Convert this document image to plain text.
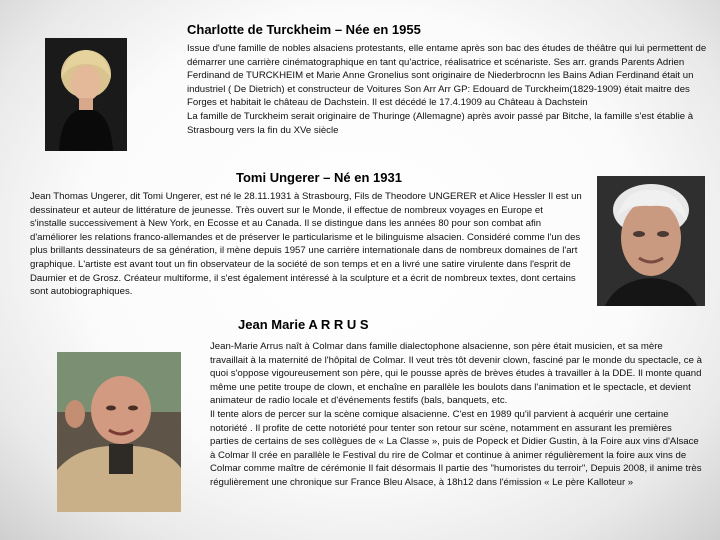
Charlotte de Turckheim – Née en 1955

Issue d'une famille de nobles alsaciens protestants, elle entame après son bac des études de théâtre qui lui permettent de démarrer une carrière cinématographique en tant qu'actrice, réalisatrice et scénariste. Ses arr. grands Parents Adrien Ferdinand de TURCKHEIM et Marie Anne Gronelius sont originaire de Niederbrocnn les Bains Adian Ferdinand était un industriel ( De Dietrich) et constructeur de Voitures Son Arr Arr GP: Edouard de Turckheim(1829-1909) était maitre des Forges et habitait le château de Dachstein. Il est décédé le 17.4.1909 au Château à Dachstein

La famille de Turckheim serait originaire de Thuringe (Allemagne) après avoir passé par Bitche, la famille s'est établie à Strasbourg vers la fin du XVe siècle

Tomi Ungerer – Né en 1931

Jean Thomas Ungerer, dit Tomi Ungerer, est né le 28.11.1931 à Strasbourg, Fils de Theodore UNGERER et Alice Hessler Il est un dessinateur et auteur de littérature de jeunesse. Très ouvert sur le Monde, il effectue de nombreux voyages en Europe et s'installe successivement à New York, en Ecosse et au Canada. Il se distingue dans les années 80 pour son combat afin d'améliorer les relations franco-allemandes et de préserver le particularisme et le bilinguisme alsacien. Considéré comme l'un des plus brillants dessinateurs de sa génération, il mène depuis 1957 une carrière internationale dans de nombreux domaines de l'art graphique. L'artiste est avant tout un fin observateur de la société de son temps et en a livré une satire virulente dans l'esprit de Daumier et de Grosz. Créateur multiforme, il s'est également intéressé à la sculpture et a écrit de nombreux textes, dont certains sont autobiographiques.

Jean Marie A R R U S

Jean-Marie Arrus naît à Colmar dans famille dialectophone alsacienne, son père était musicien, et sa mère travaillait à la maternité de l'hôpital de Colmar. Il veut très tôt devenir clown, fasciné par le monde du spectacle, ce à quoi s'oppose vigoureusement son père, qui le pousse après de brèves études à travailler à la DDE. Il monte quand même une petite troupe de clown, et enchaîne en parallèle les boulots dans l'animation et le spectacle, et devient animateur de radio locale et d'événements festifs (bals, banquets, etc.

Il tente alors de percer sur la scène comique alsacienne. C'est en 1989 qu'il parvient à acquérir une certaine notoriété . Il profite de cette notoriété pour tenter son retour sur scène, notamment en assurant les premières parties de certains de ses collègues de « La Classe », puis de Popeck et Didier Gustin, à la Foire aux vins d'Alsace à Colmar Il crée en parallèle le Festival du rire de Colmar et continue à animer régulièrement la foire aux vins de Colmar comme maître de cérémonie Il fait désormais Il partie des "humoristes du terroir", Depuis 2008, il anime très régulièrement une chronique sur France Bleu Alsace, à 18h12 dans l'émission « Le père Kalloteur »
